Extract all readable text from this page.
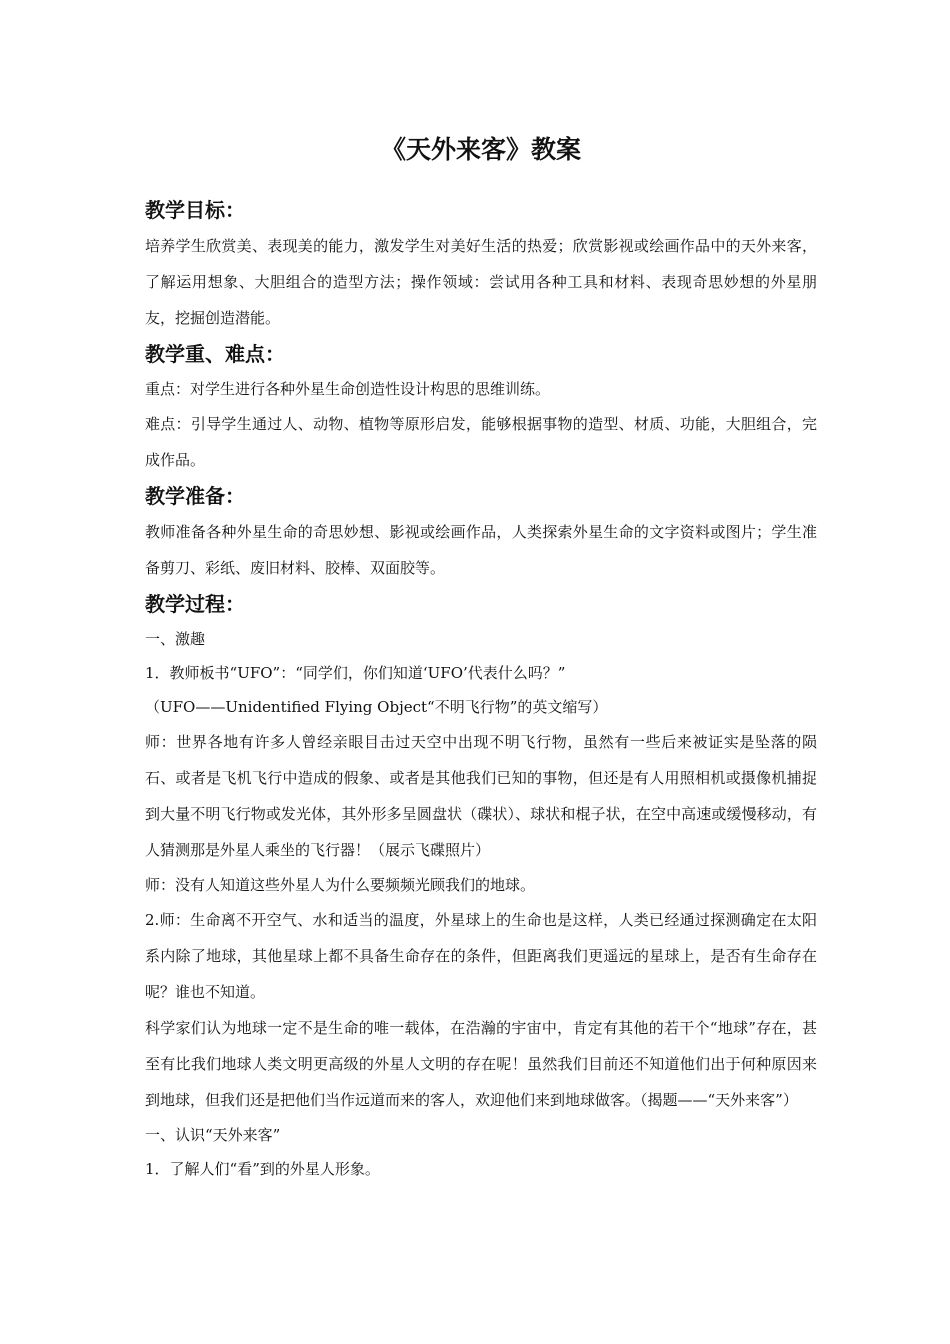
《天外来客》教案
教学目标：

培养学生欣赏美、表现美的能力，激发学生对美好生活的热爱；欣赏影视或绘画作品中的天外来客，了解运用想象、大胆组合的造型方法；操作领域：尝试用各种工具和材料、表现奇思妙想的外星朋友，挖掘创造潜能。

教学重、难点：

重点：对学生进行各种外星生命创造性设计构思的思维训练。

难点：引导学生通过人、动物、植物等原形启发，能够根据事物的造型、材质、功能，大胆组合，完成作品。

教学准备：

教师准备各种外星生命的奇思妙想、影视或绘画作品，人类探索外星生命的文字资料或图片；学生准备剪刀、彩纸、废旧材料、胶棒、双面胶等。

教学过程：

一、激趣

1．教师板书“UFO”：“同学们，你们知道‘UFO’代表什么吗？”

（UFO——Unidentified Flying Object“不明飞行物”的英文缩写）

师：世界各地有许多人曾经亲眼目击过天空中出现不明飞行物，虽然有一些后来被证实是坠落的陨石、或者是飞机飞行中造成的假象、或者是其他我们已知的事物，但还是有人用照相机或摄像机捕捉到大量不明飞行物或发光体，其外形多呈圆盘状（碟状）、球状和棍子状，在空中高速或缓慢移动，有人猜测那是外星人乘坐的飞行器！（展示飞碟照片）

师：没有人知道这些外星人为什么要频频光顾我们的地球。

2.师：生命离不开空气、水和适当的温度，外星球上的生命也是这样，人类已经通过探测确定在太阳系内除了地球，其他星球上都不具备生命存在的条件，但距离我们更遥远的星球上，是否有生命存在呢？谁也不知道。

科学家们认为地球一定不是生命的唯一载体，在浩瀚的宇宙中，肯定有其他的若干个“地球”存在，甚至有比我们地球人类文明更高级的外星人文明的存在呢！虽然我们目前还不知道他们出于何种原因来到地球，但我们还是把他们当作远道而来的客人，欢迎他们来到地球做客。（揭题——“天外来客”）

一、认识“天外来客”

1．了解人们“看”到的外星人形象。
